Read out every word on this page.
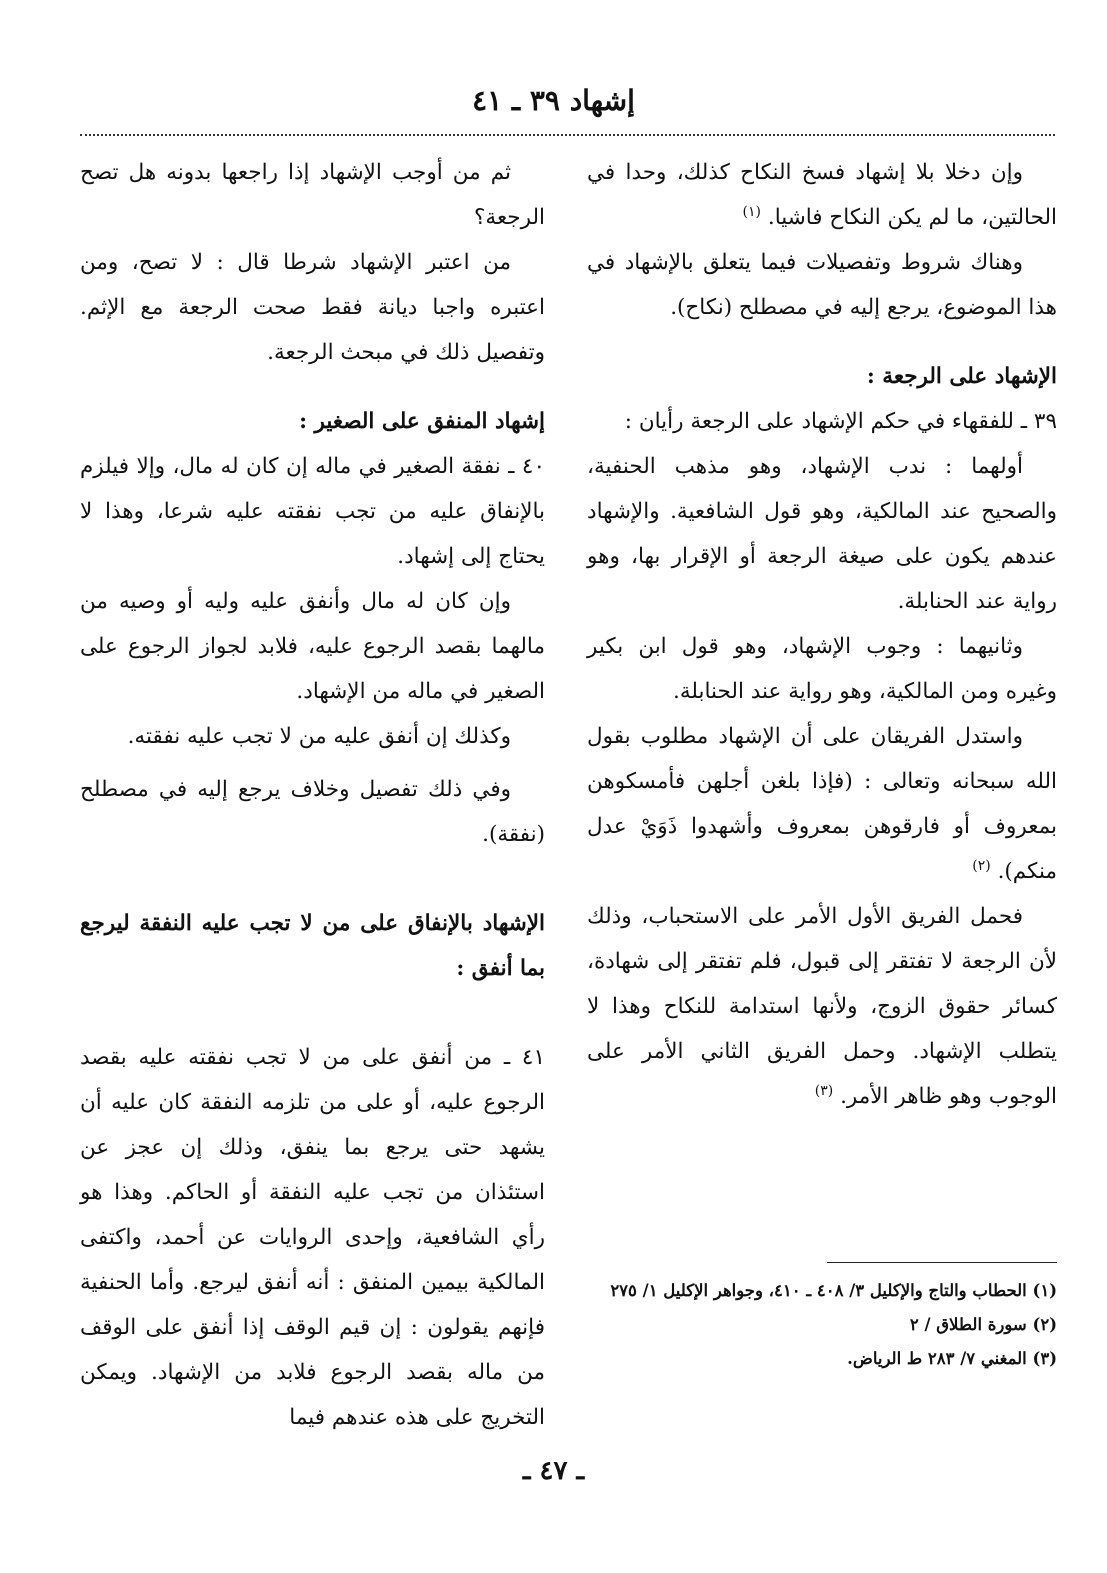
إشهاد ٣٩ ـ ٤١

وإن دخلا بلا إشهاد فسخ النكاح كذلك، وحدا في الحالتين، ما لم يكن النكاح فاشيا. $^{(١)}$

وهناك شروط وتفصيلات فيما يتعلق بالإشهاد في هذا الموضوع، يرجع إليه في مصطلح (نكاح).

الإشهاد على الرجعة :

٣٩ ـ للفقهاء في حكم الإشهاد على الرجعة رأيان :

أولهما : ندب الإشهاد، وهو مذهب الحنفية، والصحيح عند المالكية، وهو قول الشافعية. والإشهاد عندهم يكون على صيغة الرجعة أو الإقرار بها، وهو رواية عند الحنابلة.

وثانيهما : وجوب الإشهاد، وهو قول ابن بكير وغيره ومن المالكية، وهو رواية عند الحنابلة.

واستدل الفريقان على أن الإشهاد مطلوب بقول الله سبحانه وتعالى : (فإذا بلغن أجلهن فأمسكوهن بمعروف أو فارقوهن بمعروف وأشهدوا ذَوَيْ عدل منكم). $^{(٢)}$

فحمل الفريق الأول الأمر على الاستحباب، وذلك لأن الرجعة لا تفتقر إلى قبول، فلم تفتقر إلى شهادة، كسائر حقوق الزوج، ولأنها استدامة للنكاح وهذا لا يتطلب الإشهاد. وحمل الفريق الثاني الأمر على الوجوب وهو ظاهر الأمر. $^{(٣)}$

ثم من أوجب الإشهاد إذا راجعها بدونه هل تصح الرجعة؟

من اعتبر الإشهاد شرطا قال : لا تصح، ومن اعتبره واجبا ديانة فقط صحت الرجعة مع الإثم. وتفصيل ذلك في مبحث الرجعة.

إشهاد المنفق على الصغير :

٤٠ ـ نفقة الصغير في ماله إن كان له مال، وإلا فيلزم بالإنفاق عليه من تجب نفقته عليه شرعا، وهذا لا يحتاج إلى إشهاد.

وإن كان له مال وأنفق عليه وليه أو وصيه من مالهما بقصد الرجوع عليه، فلابد لجواز الرجوع على الصغير في ماله من الإشهاد.

وكذلك إن أنفق عليه من لا تجب عليه نفقته.

وفي ذلك تفصيل وخلاف يرجع إليه في مصطلح (نفقة).

الإشهاد بالإنفاق على من لا تجب عليه النفقة ليرجع بما أنفق :

٤١ ـ من أنفق على من لا تجب نفقته عليه بقصد الرجوع عليه، أو على من تلزمه النفقة كان عليه أن يشهد حتى يرجع بما ينفق، وذلك إن عجز عن استئذان من تجب عليه النفقة أو الحاكم. وهذا هو رأي الشافعية، وإحدى الروايات عن أحمد، واكتفى المالكية بيمين المنفق : أنه أنفق ليرجع. وأما الحنفية فإنهم يقولون : إن قيم الوقف إذا أنفق على الوقف من ماله بقصد الرجوع فلابد من الإشهاد. ويمكن التخريج على هذه عندهم فيما

(١) الحطاب والتاج والإكليل ٣/ ٤٠٨ ـ ٤١٠، وجواهر الإكليل ١/ ٢٧٥

(٢) سورة الطلاق / ٢

(٣) المغني ٧/ ٢٨٣ ط الرياض.

ـ ٤٧ ـ
